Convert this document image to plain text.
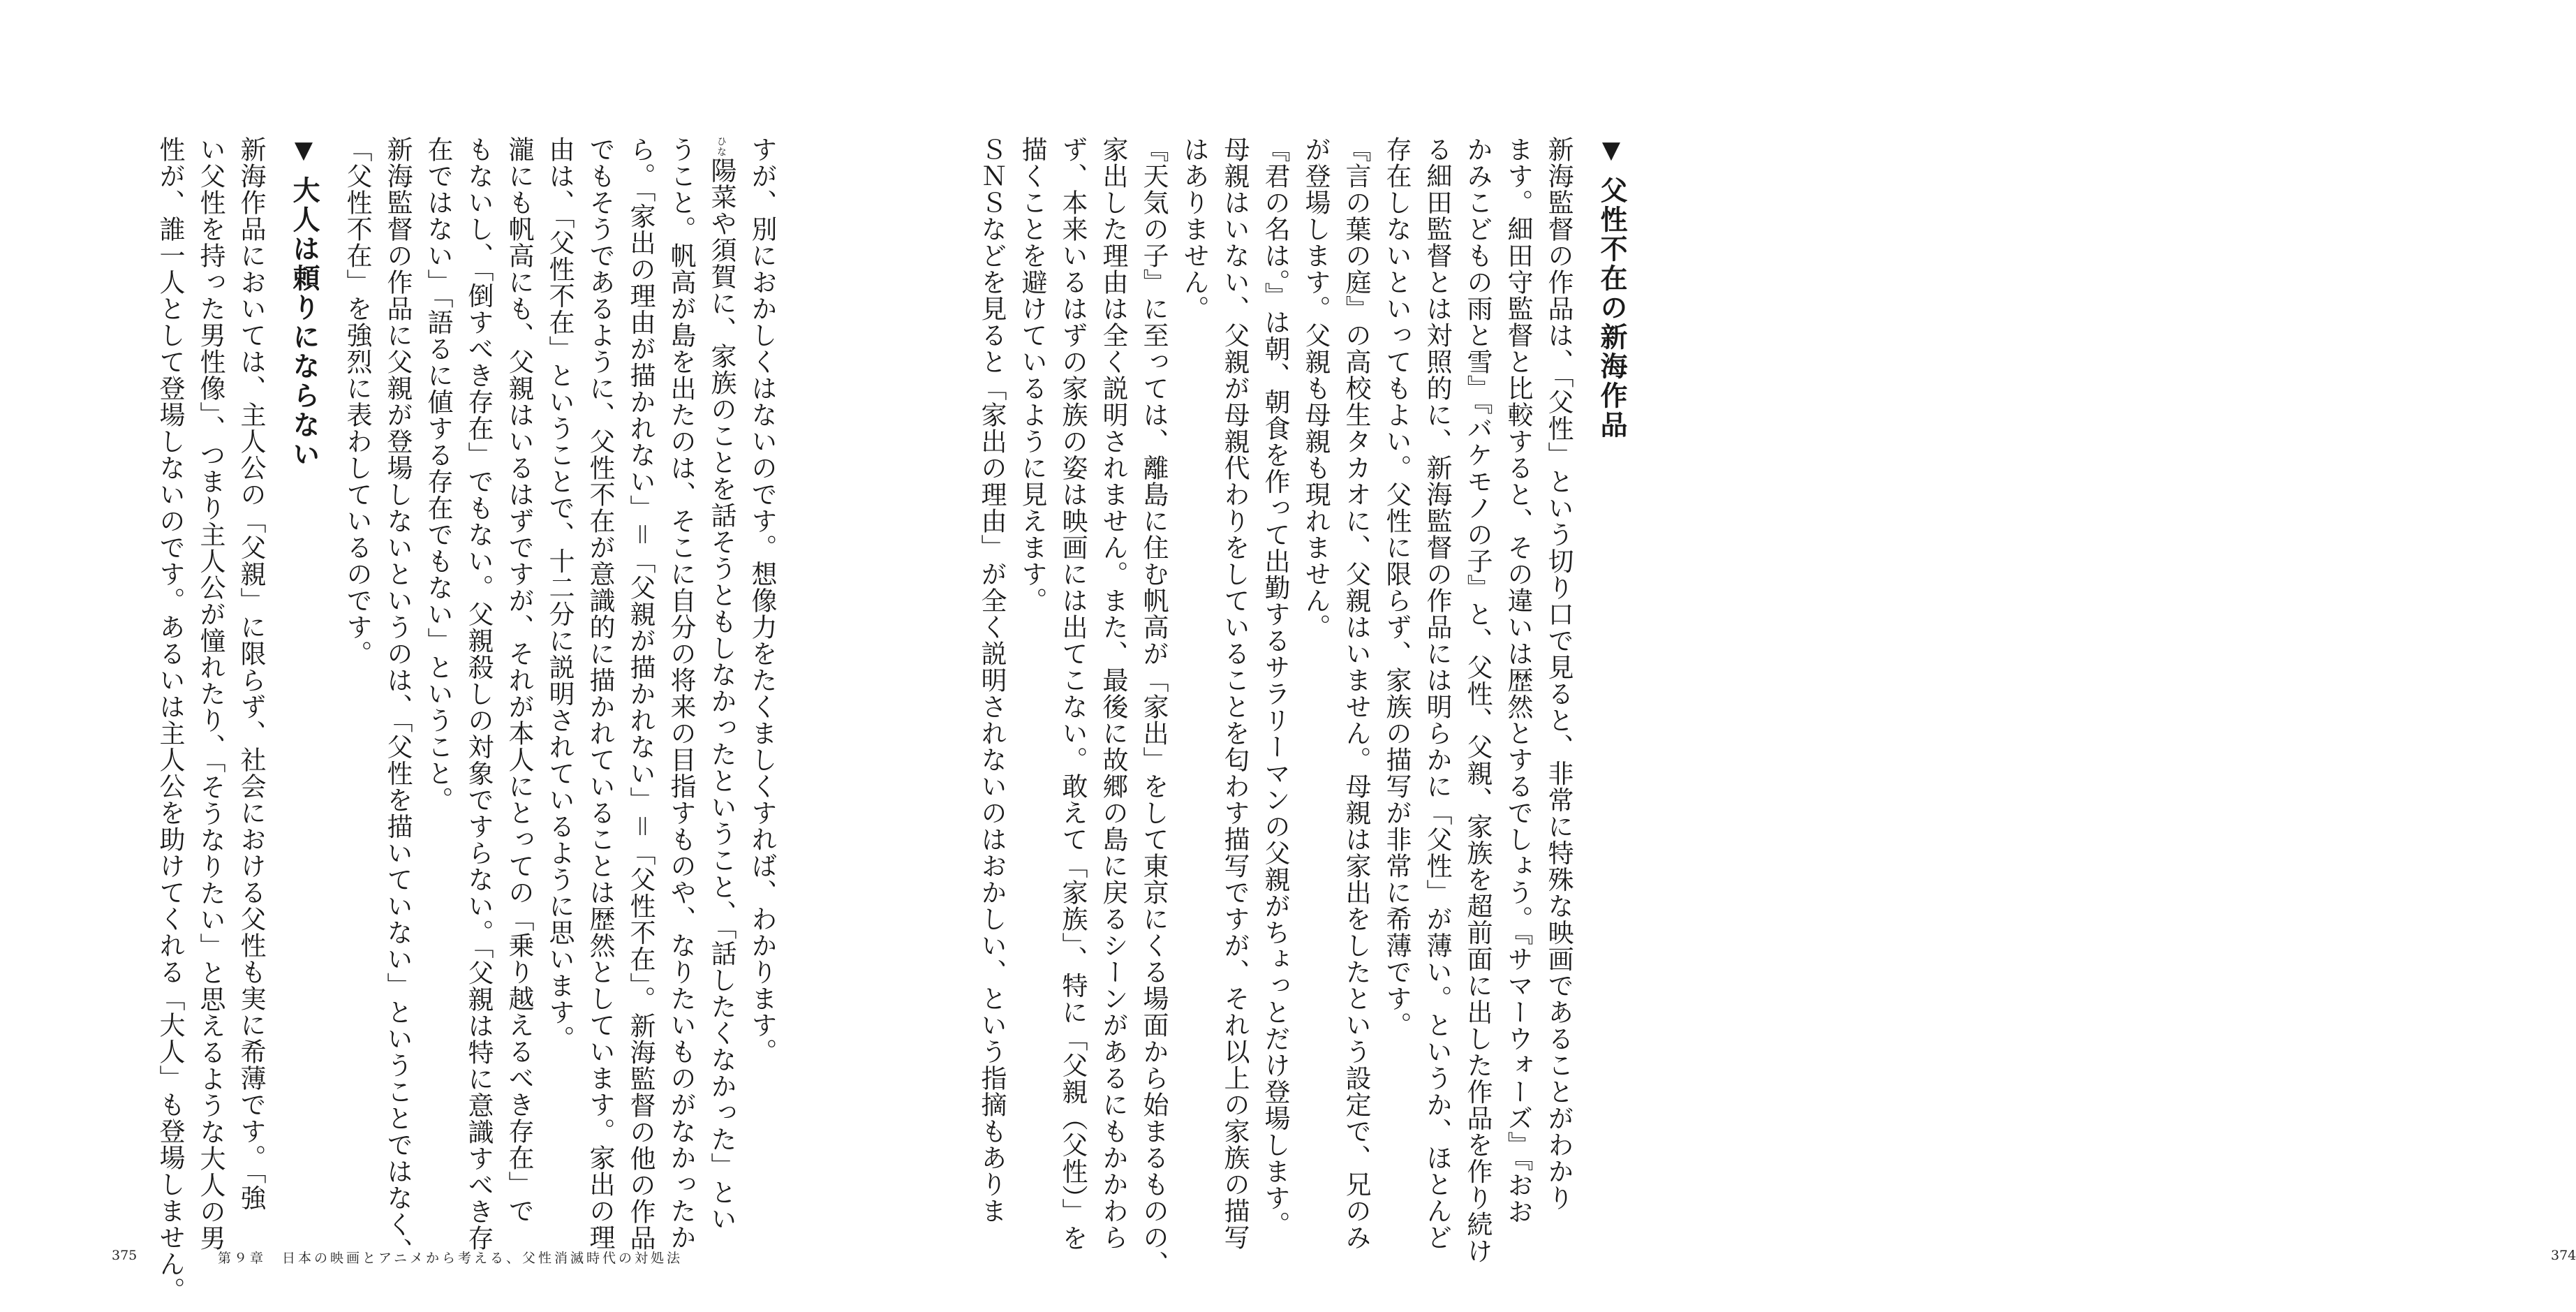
▼父性不在の新海作品
新海監督の作品は、「父性」という切り口で見ると、非常に特殊な映画であることがわかり
ます。細田守監督と比較すると、その違いは歴然とするでしょう。『サマーウォーズ』『おお
かみこどもの雨と雪』『バケモノの子』と、父性、父親、家族を超前面に出した作品を作り続け
る細田監督とは対照的に、新海監督の作品には明らかに「父性」が薄い。というか、ほとんど
存在しないといってもよい。父性に限らず、家族の描写が非常に希薄です。
『言の葉の庭』の高校生タカオに、父親はいません。母親は家出をしたという設定で、兄のみ
が登場します。父親も母親も現れません。
『君の名は。』は朝、朝食を作って出勤するサラリーマンの父親がちょっとだけ登場します。
母親はいない、父親が母親代わりをしていることを匂わす描写ですが、それ以上の家族の描写
はありません。
『天気の子』に至っては、離島に住む帆高が「家出」をして東京にくる場面から始まるものの、
家出した理由は全く説明されません。また、最後に故郷の島に戻るシーンがあるにもかかわら
ず、本来いるはずの家族の姿は映画には出てこない。敢えて「家族」、特に「父親（父性）」を
描くことを避けているように見えます。
ＳＮＳなどを見ると「家出の理由」が全く説明されないのはおかしい、という指摘もありま
374
すが、別におかしくはないのです。想像力をたくましくすれば、わかります。
ひな陽菜や須賀に、家族のことを話そうともしなかったということ、「話したくなかった」とい
うこと。帆高が島を出たのは、そこに自分の将来の目指すものや、なりたいものがなかったか
ら。「家出の理由が描かれない」＝「父親が描かれない」＝「父性不在」。新海監督の他の作品
でもそうであるように、父性不在が意識的に描かれていることは歴然としています。家出の理
由は、「父性不在」ということで、十二分に説明されているように思います。
瀧にも帆高にも、父親はいるはずですが、それが本人にとっての「乗り越えるべき存在」で
もないし、「倒すべき存在」でもない。父親殺しの対象ですらない。「父親は特に意識すべき存
在ではない」「語るに値する存在でもない」ということ。
新海監督の作品に父親が登場しないというのは、「父性を描いていない」ということではなく、
「父性不在」を強烈に表わしているのです。
▼大人は頼りにならない
新海作品においては、主人公の「父親」に限らず、社会における父性も実に希薄です。「強
い父性を持った男性像」、つまり主人公が憧れたり、「そうなりたい」と思えるような大人の男
性が、誰一人として登場しないのです。あるいは主人公を助けてくれる「大人」も登場しません。
375	第９章　日本の映画とアニメから考える、父性消滅時代の対処法
